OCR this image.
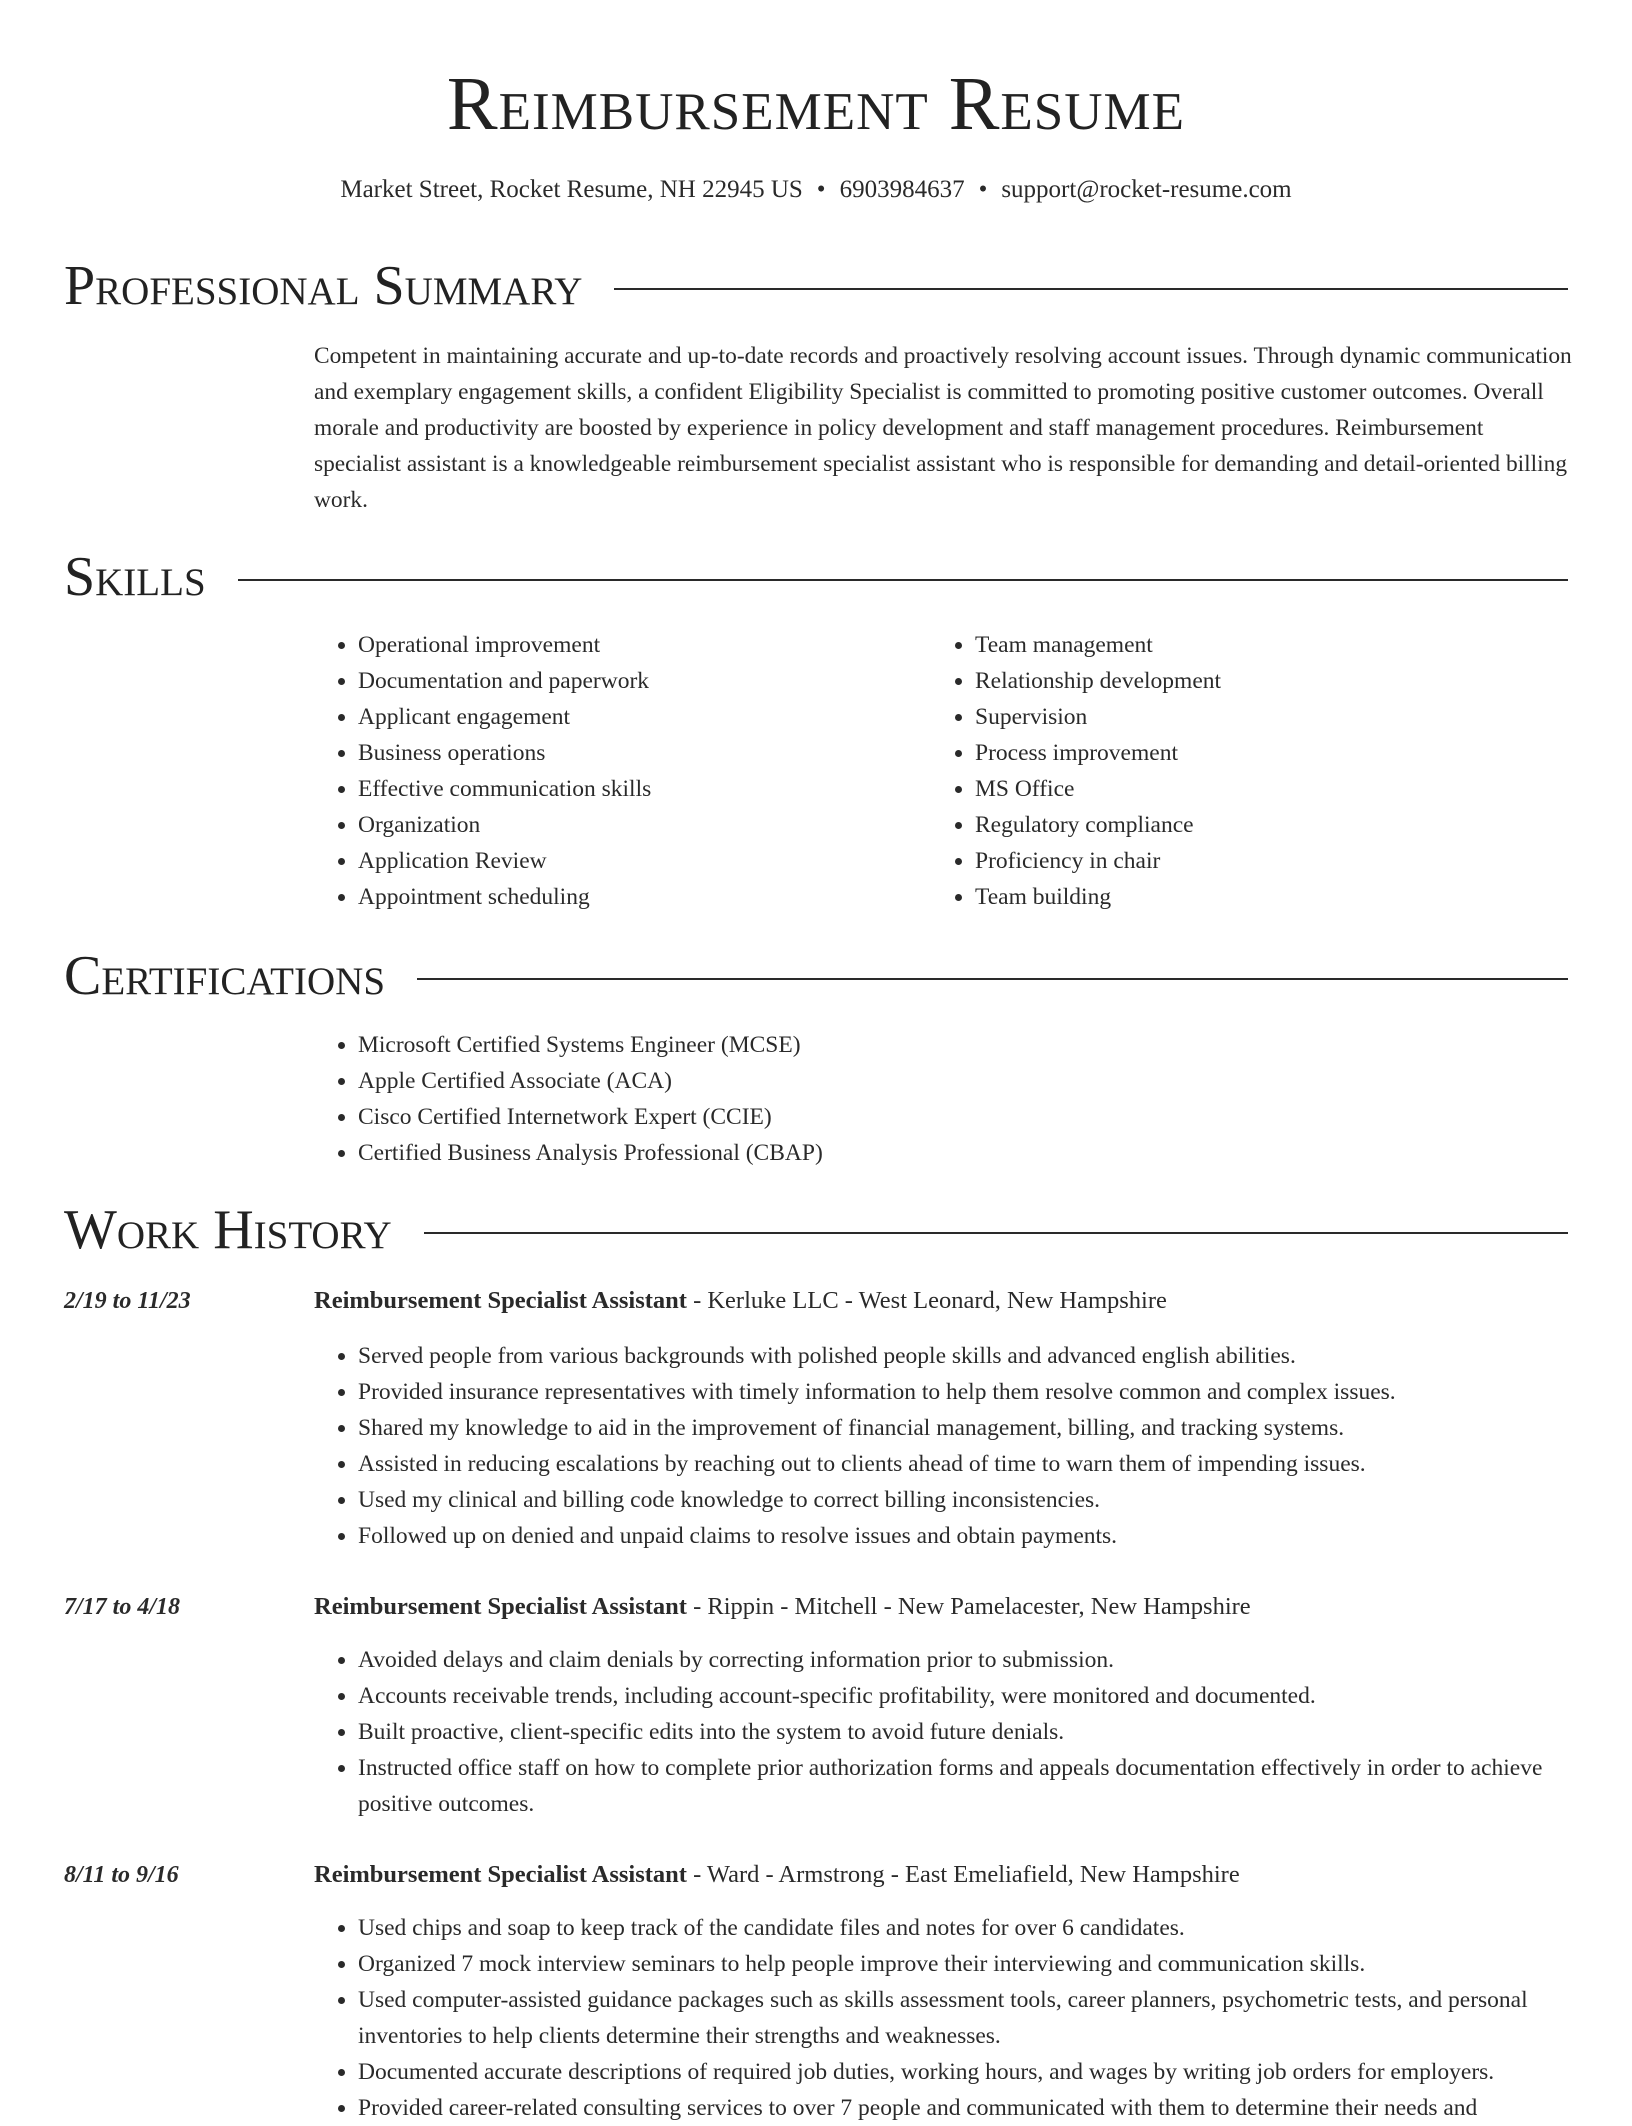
Reimbursement Resume
Market Street, Rocket Resume, NH 22945 US • 6903984637 • support@rocket-resume.com
Professional Summary
Competent in maintaining accurate and up-to-date records and proactively resolving account issues. Through dynamic communication and exemplary engagement skills, a confident Eligibility Specialist is committed to promoting positive customer outcomes. Overall morale and productivity are boosted by experience in policy development and staff management procedures. Reimbursement specialist assistant is a knowledgeable reimbursement specialist assistant who is responsible for demanding and detail-oriented billing work.
Skills
• Operational improvement
• Documentation and paperwork
• Applicant engagement
• Business operations
• Effective communication skills
• Organization
• Application Review
• Appointment scheduling
• Team management
• Relationship development
• Supervision
• Process improvement
• MS Office
• Regulatory compliance
• Proficiency in chair
• Team building
Certifications
• Microsoft Certified Systems Engineer (MCSE)
• Apple Certified Associate (ACA)
• Cisco Certified Internetwork Expert (CCIE)
• Certified Business Analysis Professional (CBAP)
Work History
2/19 to 11/23	Reimbursement Specialist Assistant - Kerluke LLC - West Leonard, New Hampshire
• Served people from various backgrounds with polished people skills and advanced english abilities.
• Provided insurance representatives with timely information to help them resolve common and complex issues.
• Shared my knowledge to aid in the improvement of financial management, billing, and tracking systems.
• Assisted in reducing escalations by reaching out to clients ahead of time to warn them of impending issues.
• Used my clinical and billing code knowledge to correct billing inconsistencies.
• Followed up on denied and unpaid claims to resolve issues and obtain payments.
7/17 to 4/18	Reimbursement Specialist Assistant - Rippin - Mitchell - New Pamelacester, New Hampshire
• Avoided delays and claim denials by correcting information prior to submission.
• Accounts receivable trends, including account-specific profitability, were monitored and documented.
• Built proactive, client-specific edits into the system to avoid future denials.
• Instructed office staff on how to complete prior authorization forms and appeals documentation effectively in order to achieve positive outcomes.
8/11 to 9/16	Reimbursement Specialist Assistant - Ward - Armstrong - East Emeliafield, New Hampshire
• Used chips and soap to keep track of the candidate files and notes for over 6 candidates.
• Organized 7 mock interview seminars to help people improve their interviewing and communication skills.
• Used computer-assisted guidance packages such as skills assessment tools, career planners, psychometric tests, and personal inventories to help clients determine their strengths and weaknesses.
• Documented accurate descriptions of required job duties, working hours, and wages by writing job orders for employers.
• Provided career-related consulting services to over 7 people and communicated with them to determine their needs and
